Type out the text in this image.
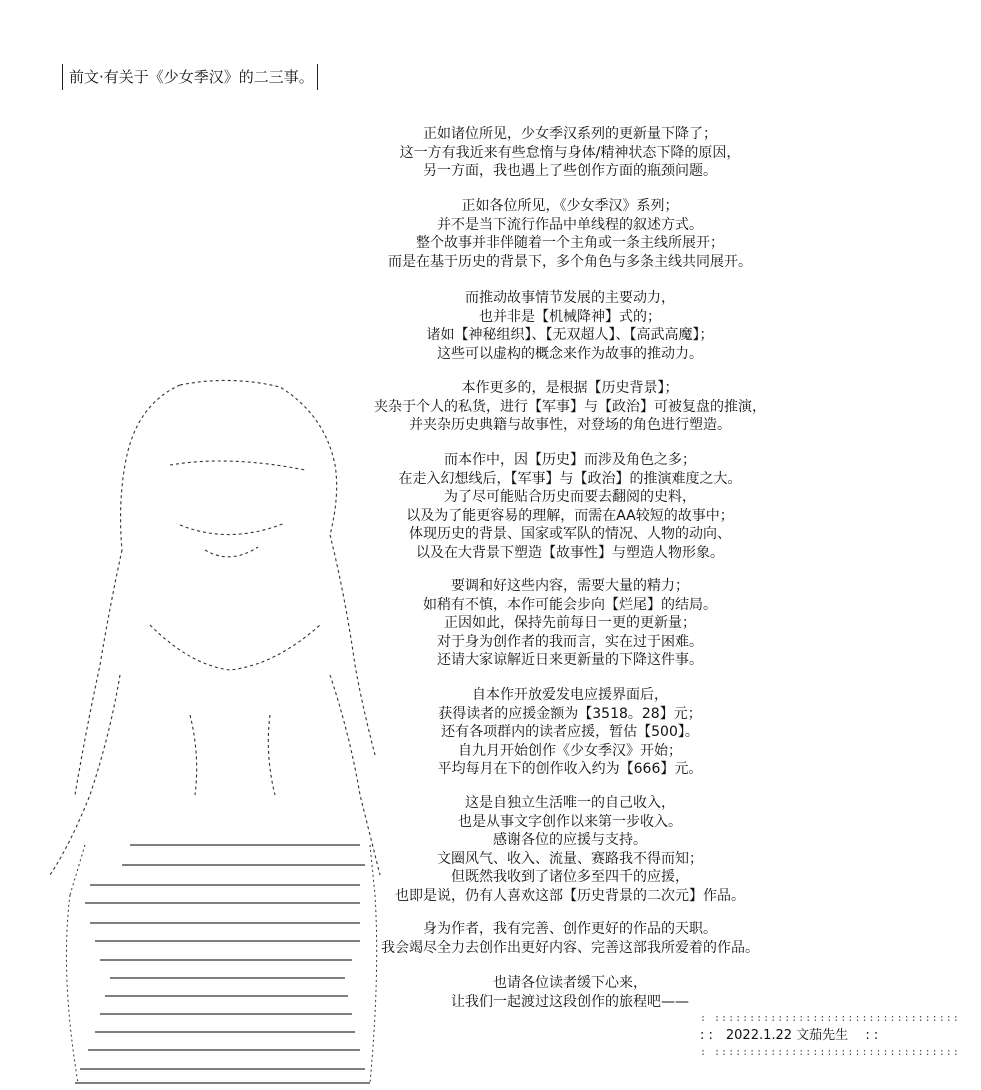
前文·有关于《少女季汉》的二三事。
正如诸位所见，少女季汉系列的更新量下降了；
这一方有我近来有些怠惰与身体/精神状态下降的原因，
另一方面，我也遇上了些创作方面的瓶颈问题。
正如各位所见，《少女季汉》系列；
并不是当下流行作品中单线程的叙述方式。
整个故事并非伴随着一个主角或一条主线所展开；
而是在基于历史的背景下，多个角色与多条主线共同展开。
而推动故事情节发展的主要动力，
也并非是【机械降神】式的；
诸如【神秘组织】、【无双超人】、【高武高魔】；
这些可以虚构的概念来作为故事的推动力。
本作更多的，是根据【历史背景】；
夹杂于个人的私货，进行【军事】与【政治】可被复盘的推演，
并夹杂历史典籍与故事性，对登场的角色进行塑造。
而本作中，因【历史】而涉及角色之多；
在走入幻想线后，【军事】与【政治】的推演难度之大。
为了尽可能贴合历史而要去翻阅的史料，
以及为了能更容易的理解，而需在AA较短的故事中；
体现历史的背景、国家或军队的情况、人物的动向、
以及在大背景下塑造【故事性】与塑造人物形象。
要调和好这些内容，需要大量的精力；
如稍有不慎，本作可能会步向【烂尾】的结局。
正因如此，保持先前每日一更的更新量；
对于身为创作者的我而言，实在过于困难。
还请大家谅解近日来更新量的下降这件事。
自本作开放爱发电应援界面后，
获得读者的应援金额为【3518。28】元；
还有各项群内的读者应援，暂估【500】。
自九月开始创作《少女季汉》开始；
平均每月在下的创作收入约为【666】元。
这是自独立生活唯一的自己收入，
也是从事文字创作以来第一步收入。
感谢各位的应援与支持。
文圈风气、收入、流量、赛路我不得而知；
但既然我收到了诸位多至四千的应援，
也即是说，仍有人喜欢这部【历史背景的二次元】作品。
身为作者，我有完善、创作更好的作品的天职。
我会竭尽全力去创作出更好内容、完善这部我所爱着的作品。
也请各位读者缓下心来，
让我们一起渡过这段创作的旅程吧——
: :::::::::::::::::::::::::::::::::::
: :　2022.1.22 文茄先生　 : :
: :::::::::::::::::::::::::::::::::::
